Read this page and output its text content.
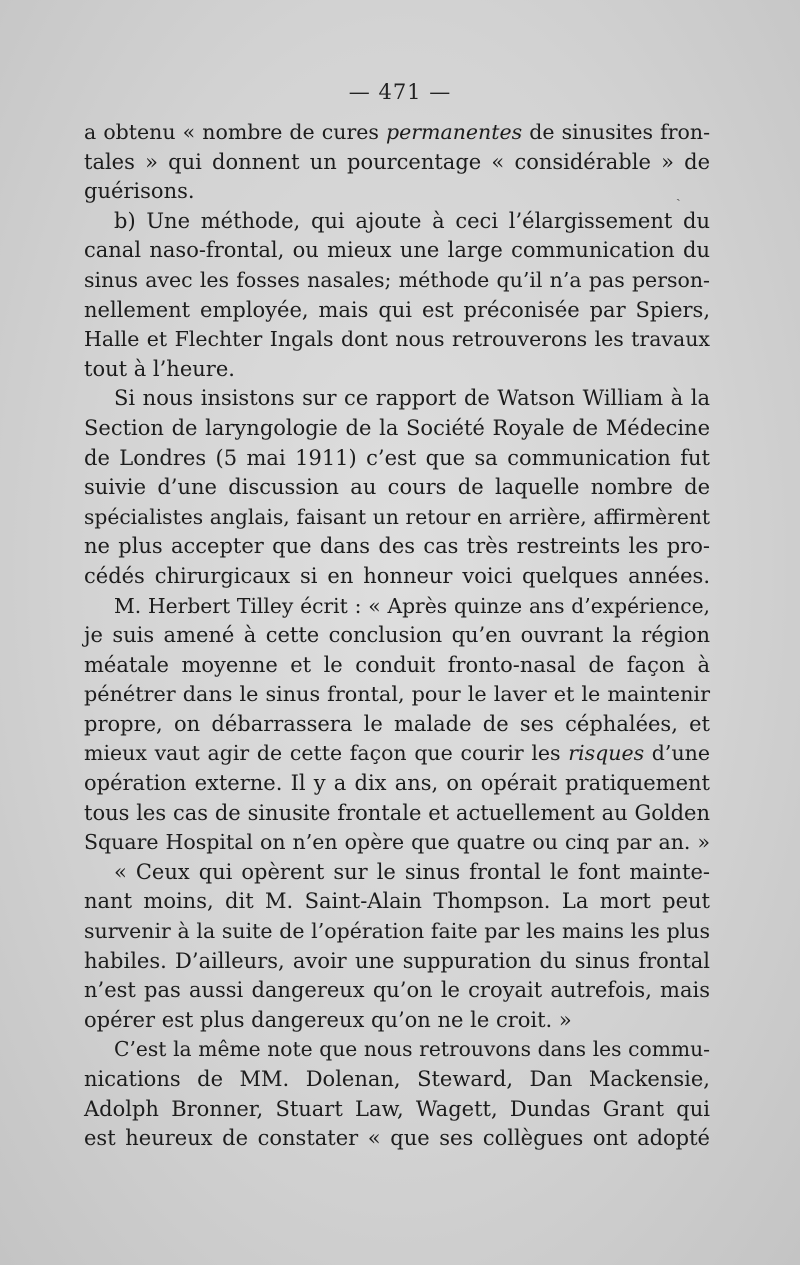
— 471 —
a obtenu « nombre de cures permanentes de sinusites fron-
tales » qui donnent un pourcentage « considérable » de
guérisons.
b) Une méthode, qui ajoute à ceci l’élargissement du
canal naso-frontal, ou mieux une large communication du
sinus avec les fosses nasales; méthode qu’il n’a pas person-
nellement employée, mais qui est préconisée par Spiers,
Halle et Flechter Ingals dont nous retrouverons les travaux
tout à l’heure.
Si nous insistons sur ce rapport de Watson William à la
Section de laryngologie de la Société Royale de Médecine
de Londres (5 mai 1911) c’est que sa communication fut
suivie d’une discussion au cours de laquelle nombre de
spécialistes anglais, faisant un retour en arrière, affirmèrent
ne plus accepter que dans des cas très restreints les pro-
cédés chirurgicaux si en honneur voici quelques années.
M. Herbert Tilley écrit : « Après quinze ans d’expérience,
je suis amené à cette conclusion qu’en ouvrant la région
méatale moyenne et le conduit fronto-nasal de façon à
pénétrer dans le sinus frontal, pour le laver et le maintenir
propre, on débarrassera le malade de ses céphalées, et
mieux vaut agir de cette façon que courir les risques d’une
opération externe. Il y a dix ans, on opérait pratiquement
tous les cas de sinusite frontale et actuellement au Golden
Square Hospital on n’en opère que quatre ou cinq par an. »
« Ceux qui opèrent sur le sinus frontal le font mainte-
nant moins, dit M. Saint-Alain Thompson. La mort peut
survenir à la suite de l’opération faite par les mains les plus
habiles. D’ailleurs, avoir une suppuration du sinus frontal
n’est pas aussi dangereux qu’on le croyait autrefois, mais
opérer est plus dangereux qu’on ne le croit. »
C’est la même note que nous retrouvons dans les commu-
nications de MM. Dolenan, Steward, Dan Mackensie,
Adolph Bronner, Stuart Law, Wagett, Dundas Grant qui
est heureux de constater « que ses collègues ont adopté
ˏ
